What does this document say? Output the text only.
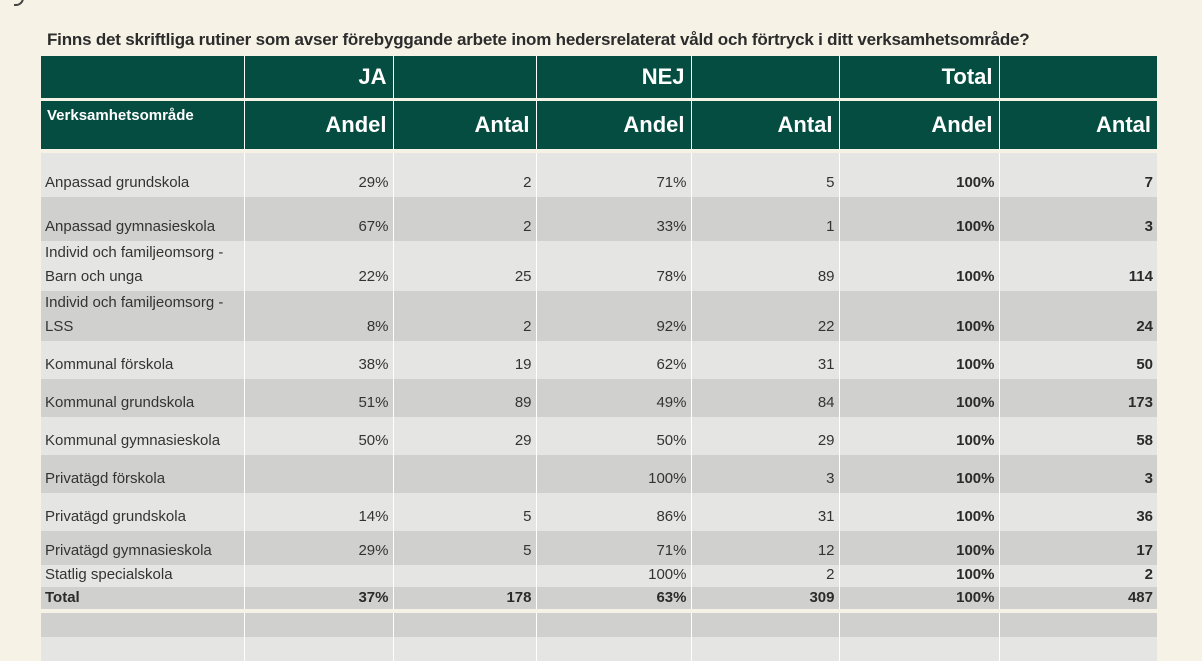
Finns det skriftliga rutiner som avser förebyggande arbete inom hedersrelaterat våld och förtryck i ditt verksamhetsområde?
	JA		NEJ		Total	

Verksamhetsområde	Andel	Antal	Andel	Antal	Andel	Antal

Anpassad grundskola	29%	2	71%	5	100%	7

Anpassad gymnasieskola	67%	2	33%	1	100%	3

Individ och familjeomsorg -
Barn och unga	22%	25	78%	89	100%	114

Individ och familjeomsorg -
LSS	8%	2	92%	22	100%	24

Kommunal förskola	38%	19	62%	31	100%	50

Kommunal grundskola	51%	89	49%	84	100%	173

Kommunal gymnasieskola	50%	29	50%	29	100%	58

Privatägd förskola			100%	3	100%	3

Privatägd grundskola	14%	5	86%	31	100%	36

Privatägd gymnasieskola	29%	5	71%	12	100%	17

Statlig specialskola			100%	2	100%	2
Total	37%	178	63%	309	100%	487
